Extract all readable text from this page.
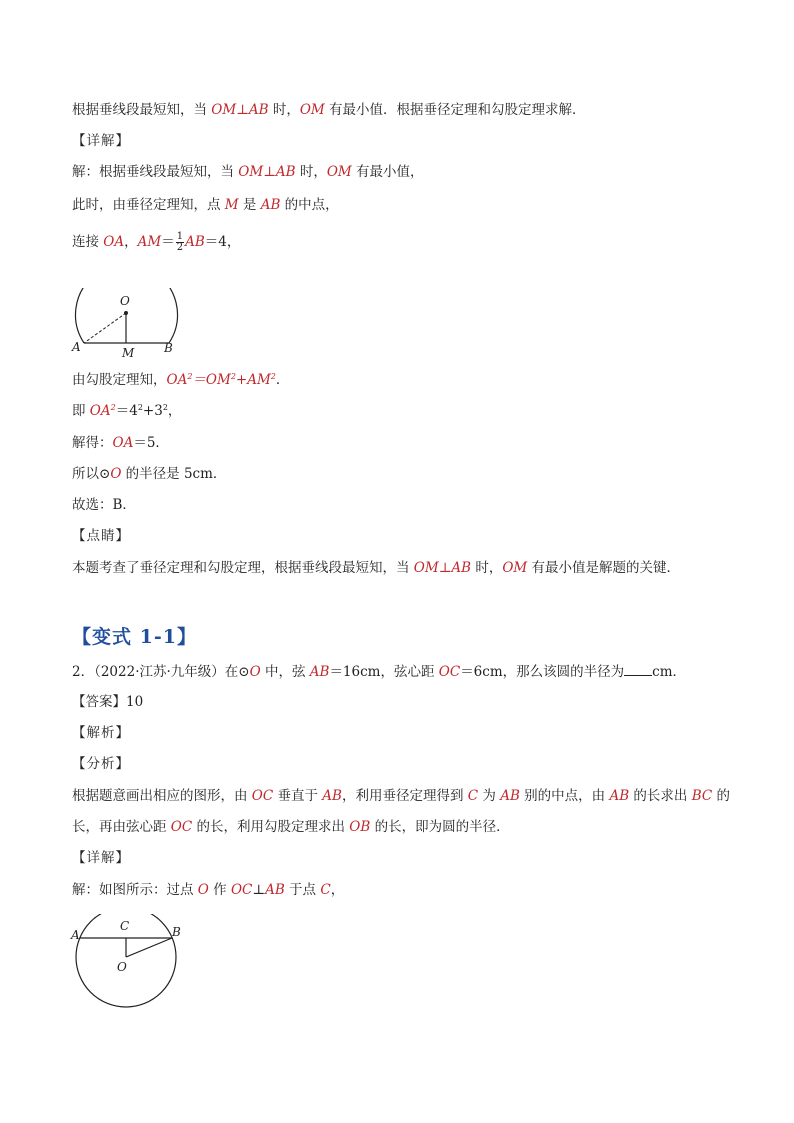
根据垂线段最短知，当 OM⊥AB 时，OM 有最小值．根据垂径定理和勾股定理求解．
【详解】
解：根据垂线段最短知，当 OM⊥AB 时，OM 有最小值，
此时，由垂径定理知，点 M 是 AB 的中点，
连接 OA，$AM= \frac{1}{2} AB=4$，
O
A	B
M
由勾股定理知，$OA^2=OM^2+AM^2$．
即 $OA^2=4^2+3^2$，
解得：OA＝5．
所以⊙O 的半径是 5cm．
故选：B．
【点睛】
本题考查了垂径定理和勾股定理，根据垂线段最短知，当 OM⊥AB 时，OM 有最小值是解题的关键．
【变式 1-1】
2．（2022·江苏·九年级）在⊙O 中，弦 AB＝16cm，弦心距 OC＝6cm，那么该圆的半径为 cm．
【答案】10
【解析】
【分析】
根据题意画出相应的图形，由 OC 垂直于 AB，利用垂径定理得到 C 为 AB 别的中点，由 AB 的长求出 BC 的
长，再由弦心距 OC 的长，利用勾股定理求出 OB 的长，即为圆的半径．
【详解】
解：如图所示：过点 O 作 OC⊥AB 于点 C，
A	B
C
O
